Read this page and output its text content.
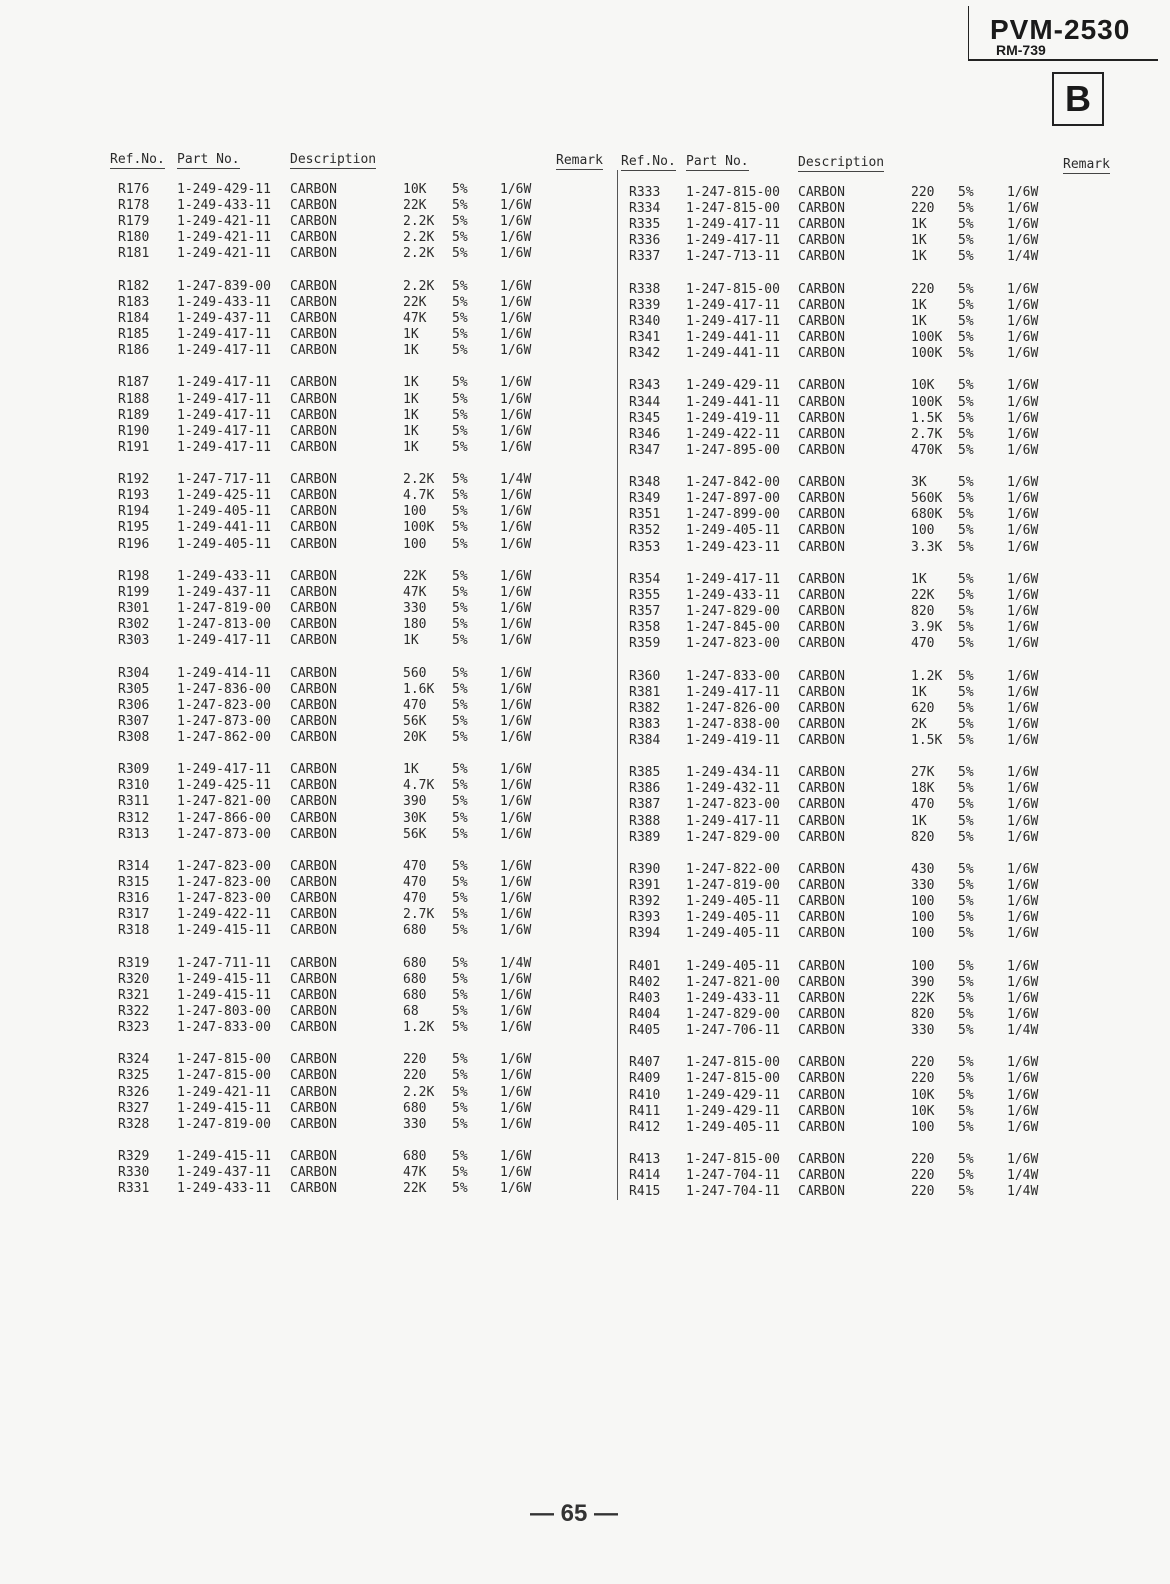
PVM-2530
RM-739
B
Ref.No. Part No.	Description	Remark Ref.No. Part No.	Description	Remark
R176 1-249-429-11 CARBON	10K 5% 1/6W
R178 1-249-433-11 CARBON	22K 5% 1/6W
R179 1-249-421-11 CARBON	2.2K 5% 1/6W
R180 1-249-421-11 CARBON	2.2K 5% 1/6W
R181 1-249-421-11 CARBON	2.2K 5% 1/6W
R182 1-247-839-00 CARBON	2.2K 5% 1/6W
R183 1-249-433-11 CARBON	22K 5% 1/6W
R184 1-249-437-11 CARBON	47K 5% 1/6W
R185 1-249-417-11 CARBON	1K	5% 1/6W
R186 1-249-417-11 CARBON	1K	5% 1/6W
R187 1-249-417-11 CARBON	1K	5% 1/6W
R188 1-249-417-11 CARBON	1K	5% 1/6W
R189 1-249-417-11 CARBON	1K	5% 1/6W
R190 1-249-417-11 CARBON	1K	5% 1/6W
R191 1-249-417-11 CARBON	1K	5% 1/6W
R192 1-247-717-11 CARBON	2.2K 5% 1/4W
R193 1-249-425-11 CARBON	4.7K 5% 1/6W
R194 1-249-405-11 CARBON	100 5% 1/6W
R195 1-249-441-11 CARBON	100K 5% 1/6W
R196 1-249-405-11 CARBON	100 5% 1/6W
R198 1-249-433-11 CARBON	22K 5% 1/6W
R199 1-249-437-11 CARBON	47K 5% 1/6W
R301 1-247-819-00 CARBON	330 5% 1/6W
R302 1-247-813-00 CARBON	180 5% 1/6W
R303 1-249-417-11 CARBON	1K	5% 1/6W
R304 1-249-414-11 CARBON	560 5% 1/6W
R305 1-247-836-00 CARBON	1.6K 5% 1/6W
R306 1-247-823-00 CARBON	470 5% 1/6W
R307 1-247-873-00 CARBON	56K 5% 1/6W
R308 1-247-862-00 CARBON	20K 5% 1/6W
R309 1-249-417-11 CARBON	1K	5% 1/6W
R310 1-249-425-11 CARBON	4.7K 5% 1/6W
R311 1-247-821-00 CARBON	390 5% 1/6W
R312 1-247-866-00 CARBON	30K 5% 1/6W
R313 1-247-873-00 CARBON	56K 5% 1/6W
R314 1-247-823-00 CARBON	470 5% 1/6W
R315 1-247-823-00 CARBON	470 5% 1/6W
R316 1-247-823-00 CARBON	470 5% 1/6W
R317 1-249-422-11 CARBON	2.7K 5% 1/6W
R318 1-249-415-11 CARBON	680 5% 1/6W
R319 1-247-711-11 CARBON	680 5% 1/4W
R320 1-249-415-11 CARBON	680 5% 1/6W
R321 1-249-415-11 CARBON	680 5% 1/6W
R322 1-247-803-00 CARBON	68	5% 1/6W
R323 1-247-833-00 CARBON	1.2K 5% 1/6W
R324 1-247-815-00 CARBON	220 5% 1/6W
R325 1-247-815-00 CARBON	220 5% 1/6W
R326 1-249-421-11 CARBON	2.2K 5% 1/6W
R327 1-249-415-11 CARBON	680 5% 1/6W
R328 1-247-819-00 CARBON	330 5% 1/6W
R329 1-249-415-11 CARBON	680 5% 1/6W
R330 1-249-437-11 CARBON	47K 5% 1/6W
R331 1-249-433-11 CARBON	22K 5% 1/6W
R333 1-247-815-00 CARBON	220 5%	1/6W
R334 1-247-815-00 CARBON	220 5%	1/6W
R335 1-249-417-11 CARBON	1K 5%	1/6W
R336 1-249-417-11 CARBON	1K 5%	1/6W
R337 1-247-713-11 CARBON	1K 5%	1/4W
R338 1-247-815-00 CARBON	220 5%	1/6W
R339 1-249-417-11 CARBON	1K 5%	1/6W
R340 1-249-417-11 CARBON	1K 5%	1/6W
R341 1-249-441-11 CARBON	100K 5%	1/6W
R342 1-249-441-11 CARBON	100K 5%	1/6W
R343 1-249-429-11 CARBON	10K 5%	1/6W
R344 1-249-441-11 CARBON	100K 5%	1/6W
R345 1-249-419-11 CARBON	1.5K 5%	1/6W
R346 1-249-422-11 CARBON	2.7K 5%	1/6W
R347 1-247-895-00 CARBON	470K 5%	1/6W
R348 1-247-842-00 CARBON	3K 5%	1/6W
R349 1-247-897-00 CARBON	560K 5%	1/6W
R351 1-247-899-00 CARBON	680K 5%	1/6W
R352 1-249-405-11 CARBON	100 5%	1/6W
R353 1-249-423-11 CARBON	3.3K 5%	1/6W
R354 1-249-417-11 CARBON	1K 5%	1/6W
R355 1-249-433-11 CARBON	22K 5%	1/6W
R357 1-247-829-00 CARBON	820 5%	1/6W
R358 1-247-845-00 CARBON	3.9K 5%	1/6W
R359 1-247-823-00 CARBON	470 5%	1/6W
R360 1-247-833-00 CARBON	1.2K 5%	1/6W
R381 1-249-417-11 CARBON	1K 5%	1/6W
R382 1-247-826-00 CARBON	620 5%	1/6W
R383 1-247-838-00 CARBON	2K 5%	1/6W
R384 1-249-419-11 CARBON	1.5K 5%	1/6W
R385 1-249-434-11 CARBON	27K 5%	1/6W
R386 1-249-432-11 CARBON	18K 5%	1/6W
R387 1-247-823-00 CARBON	470 5%	1/6W
R388 1-249-417-11 CARBON	1K 5%	1/6W
R389 1-247-829-00 CARBON	820 5%	1/6W
R390 1-247-822-00 CARBON	430 5%	1/6W
R391 1-247-819-00 CARBON	330 5%	1/6W
R392 1-249-405-11 CARBON	100 5%	1/6W
R393 1-249-405-11 CARBON	100 5%	1/6W
R394 1-249-405-11 CARBON	100 5%	1/6W
R401 1-249-405-11 CARBON	100 5%	1/6W
R402 1-247-821-00 CARBON	390 5%	1/6W
R403 1-249-433-11 CARBON	22K 5%	1/6W
R404 1-247-829-00 CARBON	820 5%	1/6W
R405 1-247-706-11 CARBON	330 5%	1/4W
R407 1-247-815-00 CARBON	220 5%	1/6W
R409 1-247-815-00 CARBON	220 5%	1/6W
R410 1-249-429-11 CARBON	10K 5%	1/6W
R411 1-249-429-11 CARBON	10K 5%	1/6W
R412 1-249-405-11 CARBON	100 5%	1/6W
R413 1-247-815-00 CARBON	220 5%	1/6W
R414 1-247-704-11 CARBON	220 5%	1/4W
R415 1-247-704-11 CARBON	220 5%	1/4W
— 65 —
